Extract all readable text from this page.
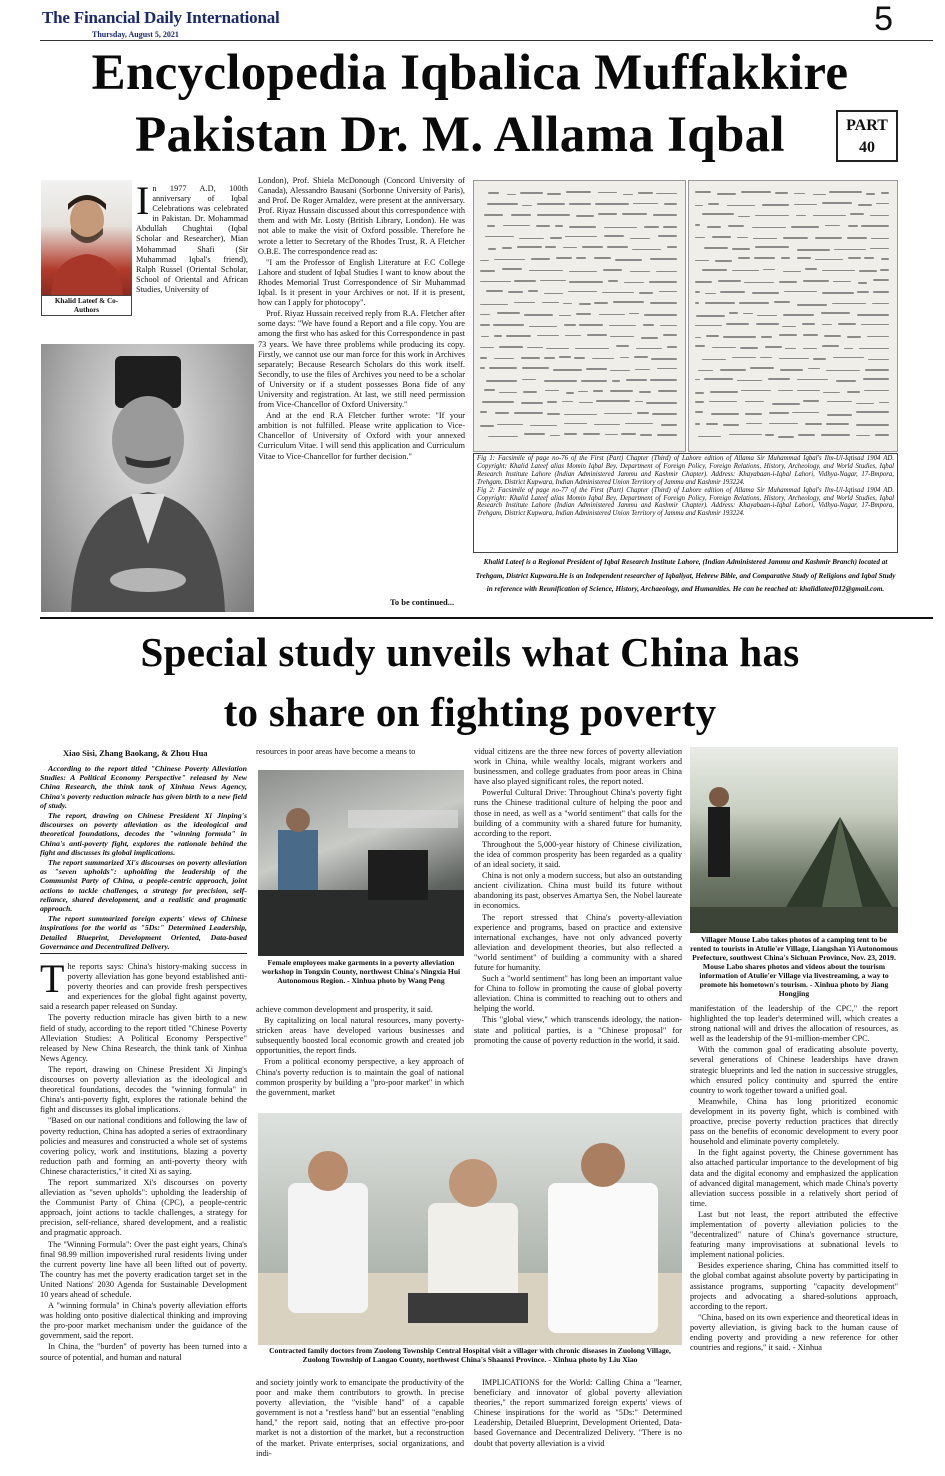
The Financial Daily International
Thursday, August 5, 2021	5
Encyclopedia Iqbalica Muffakkire
Pakistan Dr. M. Allama Iqbal	PART
40
Khalid Lateef & Co-Authors

In 1977 A.D, 100th anniversary of Iqbal Celebrations was celebrated in Pakistan. Dr. Mohammad Abdullah Chughtai (Iqbal Scholar and Researcher), Mian Mohammad Shafi (Sir Muhammad Iqbal's friend), Ralph Russel (Oriental Scholar, School of Oriental and African Studies, University of

London), Prof. Shiela McDonough (Concord University of Canada), Alessandro Bausani (Sorbonne University of Paris), and Prof. De Roger Arnaldez, were present at the anniversary. Prof. Riyaz Hussain discussed about this correspondence with them and with Mr. Losty (British Library, London). He was not able to make the visit of Oxford possible. Therefore he wrote a letter to Secretary of the Rhodes Trust, R. A Fletcher O.B.E. The correspondence read as:

"I am the Professor of English Literature at F.C College Lahore and student of Iqbal Studies I want to know about the Rhodes Memorial Trust Correspondence of Sir Muhammad Iqbal. Is it present in your Archives or not. If it is present, how can I apply for photocopy".

Prof. Riyaz Hussain received reply from R.A. Fletcher after some days: "We have found a Report and a file copy. You are among the first who has asked for this Correspondence in past 73 years. We have three problems while producing its copy. Firstly, we cannot use our man force for this work in Archives separately; Because Research Scholars do this work itself. Secondly, to use the files of Archives you need to be a scholar of University or if a student possesses Bona fide of any University and registration. At last, we still need permission from Vice-Chancellor of Oxford University."

And at the end R.A Fletcher further wrote: "If your ambition is not fulfilled. Please write application to Vice-Chancellor of University of Oxford with your annexed Curriculum Vitae. I will send this application and Curriculum Vitae to Vice-Chancellor for further decision."

To be continued...
Fig 1: Facsimile of page no-76 of the First (Part) Chapter (Third) of Lahore edition of Allama Sir Muhammad Iqbal's Ilm-Ul-Iqtisad 1904 AD. Copyright: Khalid Lateef alias Momin Iqbal Bey, Department of Foreign Policy, Foreign Relations, History, Archeology, and World Studies, Iqbal Research Institute Lahore (Indian Administered Jammu and Kashmir Chapter). Address: Khayabaan-i-Iqbal Lahori, Vidhya-Nagar, 17-Bmpora, Trehgam, District Kupwara, Indian Administered Union Territory of Jammu and Kashmir 193224.
Fig 2: Facsimile of page no-77 of the First (Part) Chapter (Third) of Lahore edition of Allama Sir Muhammad Iqbal's Ilm-Ul-Iqtisad 1904 AD. Copyright: Khalid Lateef alias Momin Iqbal Bey, Department of Foreign Policy, Foreign Relations, History, Archeology, and World Studies, Iqbal Research Institute Lahore (Indian Administered Jammu and Kashmir Chapter). Address: Khayabaan-i-Iqbal Lahori, Vidhya-Nagar, 17-Bmpora, Trehgam, District Kupwara, Indian Administered Union Territory of Jammu and Kashmir 193224.
Khalid Lateef is a Regional President of Iqbal Research Institute Lahore, (Indian Administered Jammu and Kashmir Branch) located at Trehgam, District Kupwara.He is an Independent researcher of Iqbaliyat, Hebrew Bible, and Comparative Study of Religions and Iqbal Study in reference with Reunification of Science, History, Archaeology, and Humanities. He can be reached at: khalidlateef012@gmail.com.
Special study unveils what China has
to share on fighting poverty
Xiao Sisi, Zhang Baokang, & Zhou Hua

According to the report titled "Chinese Poverty Alleviation Studies: A Political Economy Perspective" released by New China Research, the think tank of Xinhua News Agency, China's poverty reduction miracle has given birth to a new field of study.

The report, drawing on Chinese President Xi Jinping's discourses on poverty alleviation as the ideological and theoretical foundations, decodes the "winning formula" in China's anti-poverty fight, explores the rationale behind the fight and discusses its global implications.

The report summarized Xi's discourses on poverty alleviation as "seven upholds": upholding the leadership of the Communist Party of China, a people-centric approach, joint actions to tackle challenges, a strategy for precision, self-reliance, shared development, and a realistic and pragmatic approach.

The report summarized foreign experts' views of Chinese inspirations for the world as "5Ds:" Determined Leadership, Detailed Blueprint, Development Oriented, Data-based Governance and Decentralized Delivery.

The reports says: China's history-making success in poverty alleviation has gone beyond established anti-poverty theories and can provide fresh perspectives and experiences for the global fight against poverty, said a research paper released on Sunday.

The poverty reduction miracle has given birth to a new field of study, according to the report titled "Chinese Poverty Alleviation Studies: A Political Economy Perspective" released by New China Research, the think tank of Xinhua News Agency.

The report, drawing on Chinese President Xi Jinping's discourses on poverty alleviation as the ideological and theoretical foundations, decodes the "winning formula" in China's anti-poverty fight, explores the rationale behind the fight and discusses its global implications.

"Based on our national conditions and following the law of poverty reduction, China has adopted a series of extraordinary policies and measures and constructed a whole set of systems covering policy, work and institutions, blazing a poverty reduction path and forming an anti-poverty theory with Chinese characteristics," it cited Xi as saying.

The report summarized Xi's discourses on poverty alleviation as "seven upholds": upholding the leadership of the Communist Party of China (CPC), a people-centric approach, joint actions to tackle challenges, a strategy for precision, self-reliance, shared development, and a realistic and pragmatic approach.

The "Winning Formula": Over the past eight years, China's final 98.99 million impoverished rural residents living under the current poverty line have all been lifted out of poverty. The country has met the poverty eradication target set in the United Nations' 2030 Agenda for Sustainable Development 10 years ahead of schedule.

A "winning formula" in China's poverty alleviation efforts was holding onto positive dialectical thinking and improving the pro-poor market mechanism under the guidance of the government, said the report.

In China, the "burden" of poverty has been turned into a source of potential, and human and natural

resources in poor areas have become a means to

Female employees make garments in a poverty alleviation workshop in Tongxin County, northwest China's Ningxia Hui Autonomous Region. - Xinhua photo by Wang Peng

achieve common development and prosperity, it said.

By capitalizing on local natural resources, many poverty-stricken areas have developed various businesses and subsequently boosted local economic growth and created job opportunities, the report finds.

From a political economy perspective, a key approach of China's poverty reduction is to maintain the goal of national common prosperity by building a "pro-poor market" in which the government, market

vidual citizens are the three new forces of poverty alleviation work in China, while wealthy locals, migrant workers and businessmen, and college graduates from poor areas in China have also played significant roles, the report noted.

Powerful Cultural Drive: Throughout China's poverty fight runs the Chinese traditional culture of helping the poor and those in need, as well as a "world sentiment" that calls for the building of a community with a shared future for humanity, according to the report.

Throughout the 5,000-year history of Chinese civilization, the idea of common prosperity has been regarded as a quality of an ideal society, it said.

China is not only a modern success, but also an outstanding ancient civilization. China must build its future without abandoning its past, observes Amartya Sen, the Nobel laureate in economics.

The report stressed that China's poverty-alleviation experience and programs, based on practice and extensive international exchanges, have not only advanced poverty alleviation and development theories, but also reflected a "world sentiment" of building a community with a shared future for humanity.

Such a "world sentiment" has long been an important value for China to follow in promoting the cause of global poverty alleviation. China is committed to reaching out to others and helping the world.

This "global view," which transcends ideology, the nation-state and political parties, is a "Chinese proposal" for promoting the cause of poverty reduction in the world, it said.

Villager Mouse Labo takes photos of a camping tent to be rented to tourists in Atulie'er Village, Liangshan Yi Autonomous Prefecture, southwest China's Sichuan Province, Nov. 23, 2019. Mouse Labo shares photos and videos about the tourism information of Atulie'er Village via livestreaming, a way to promote his hometown's tourism. - Xinhua photo by Jiang Hongjing

manifestation of the leadership of the CPC," the report highlighted the top leader's determined will, which creates a strong national will and drives the allocation of resources, as well as the leadership of the 91-million-member CPC.

With the common goal of eradicating absolute poverty, several generations of Chinese leaderships have drawn strategic blueprints and led the nation in successive struggles, which ensured policy continuity and spurred the entire country to work together toward a unified goal.

Meanwhile, China has long prioritized economic development in its poverty fight, which is combined with proactive, precise poverty reduction practices that directly pass on the benefits of economic development to every poor household and eliminate poverty completely.

In the fight against poverty, the Chinese government has also attached particular importance to the development of big data and the digital economy and emphasized the application of advanced digital management, which made China's poverty alleviation success possible in a relatively short period of time.

Last but not least, the report attributed the effective implementation of poverty alleviation policies to the "decentralized" nature of China's governance structure, featuring many improvisations at subnational levels to implement national policies.

Besides experience sharing, China has committed itself to the global combat against absolute poverty by participating in assistance programs, supporting "capacity development" projects and advocating a shared-solutions approach, according to the report.

"China, based on its own experience and theoretical ideas in poverty alleviation, is giving back to the human cause of ending poverty and providing a new reference for other countries and regions," it said. - Xinhua

Contracted family doctors from Zuolong Township Central Hospital visit a villager with chronic diseases in Zuolong Village, Zuolong Township of Langao County, northwest China's Shaanxi Province. - Xinhua photo by Liu Xiao

and society jointly work to emancipate the productivity of the poor and make them contributors to growth. In precise poverty alleviation, the "visible hand" of a capable government is not a "restless hand" but an essential "enabling hand," the report said, noting that an effective pro-poor market is not a distortion of the market, but a reconstruction of the market. Private enterprises, social organizations, and indi-

IMPLICATIONS for the World: Calling China a "learner, beneficiary and innovator of global poverty alleviation theories," the report summarized foreign experts' views of Chinese inspirations for the world as "5Ds:" Determined Leadership, Detailed Blueprint, Development Oriented, Data-based Governance and Decentralized Delivery. "There is no doubt that poverty alleviation is a vivid
